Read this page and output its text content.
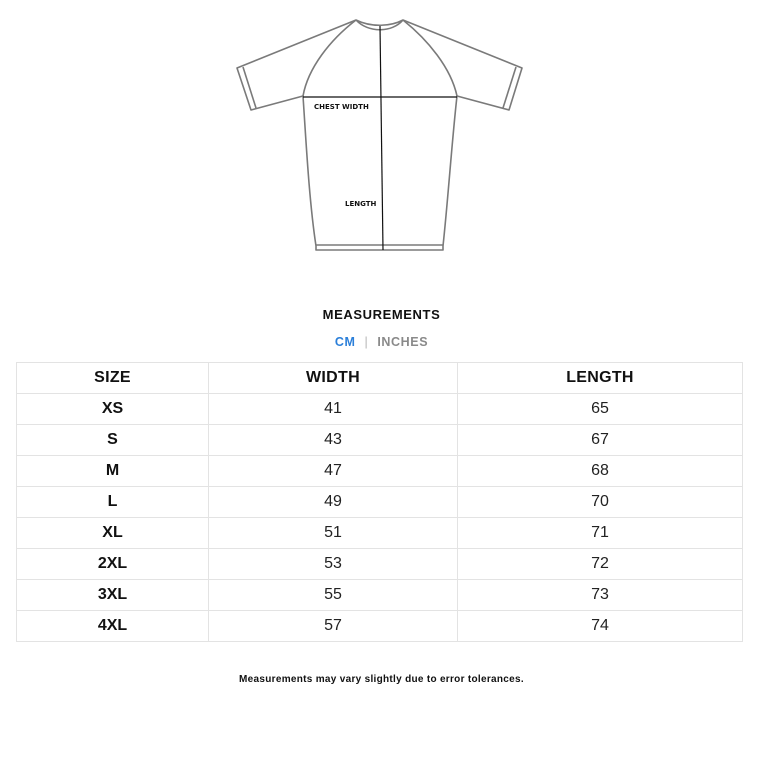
CHEST WIDTH
LENGTH
MEASUREMENTS
CM | INCHES
SIZE	WIDTH	LENGTH
XS	41	65
S	43	67
M	47	68
L	49	70
XL	51	71
2XL	53	72
3XL	55	73
4XL	57	74
Measurements may vary slightly due to error tolerances.
